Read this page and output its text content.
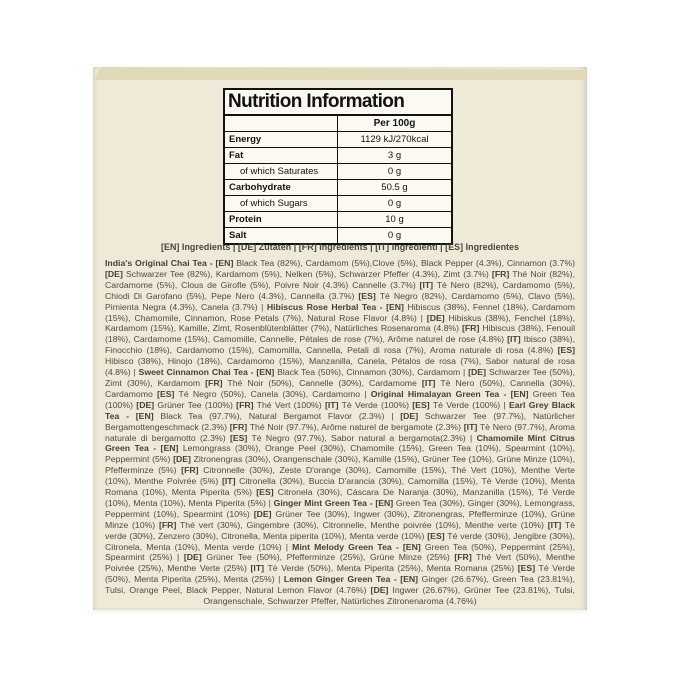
Nutrition Information
Per 100g
Energy	1129 kJ/270kcal
Fat	3 g
of which Saturates	0 g
Carbohydrate	50.5 g
of which Sugars	0 g
Protein	10 g
Salt	0 g
[EN] Ingredients | [DE] Zutaten | [FR] Ingrédients | [IT] Ingredienti | [ES] Ingredientes
India's Original Chai Tea - [EN] Black Tea (82%), Cardamom (5%),Clove (5%), Black Pepper (4.3%), Cinnamon (3.7%) [DE] Schwarzer Tee (82%), Kardamom (5%), Nelken (5%), Schwarzer Pfeffer (4.3%), Zimt (3.7%) [FR] Thé Noir (82%), Cardamome (5%), Clous de Girofle (5%), Poivre Noir (4.3%) Cannelle (3.7%) [IT] Tè Nero (82%), Cardamomo (5%), Chiodi Di Garofano (5%), Pepe Nero (4.3%), Cannella (3.7%) [ES] Té Negro (82%), Cardamomo (5%), Clavo (5%), Pimienta Negra (4.3%), Canela (3.7%) | Hibiscus Rose Herbal Tea - [EN] Hibiscus (38%), Fennel (18%), Cardamom (15%), Chamomile, Cinnamon, Rose Petals (7%), Natural Rose Flavor (4.8%) | [DE] Hibiskus (38%), Fenchel (18%), Kardamom (15%), Kamille, Zimt, Rosenblütenblätter (7%), Natürliches Rosenaroma (4.8%) [FR] Hibiscus (38%), Fenouil (18%), Cardamome (15%), Camomille, Cannelle, Pétales de rose (7%), Arôme naturel de rose (4.8%) [IT] Ibisco (38%), Finocchio (18%), Cardamomo (15%), Camomilla, Cannella, Petali di rosa (7%), Aroma naturale di rosa (4.8%) [ES] Hibisco (38%), Hinojo (18%), Cardamomo (15%), Manzanilla, Canela, Pétalos de rosa (7%), Sabor natural de rosa (4.8%) | Sweet Cinnamon Chai Tea - [EN] Black Tea (50%), Cinnamon (30%), Cardamom | [DE] Schwarzer Tee (50%), Zimt (30%), Kardamom [FR] Thé Noir (50%), Cannelle (30%), Cardamome [IT] Tè Nero (50%), Cannella (30%), Cardamomo [ES] Té Negro (50%), Canela (30%), Cardamomo | Original Himalayan Green Tea - [EN] Green Tea (100%) [DE] Grüner Tee (100%) [FR] Thé Vert (100%) [IT] Tè Verde (100%) [ES] Té Verde (100%) | Earl Grey Black Tea - [EN] Black Tea (97.7%), Natural Bergamot Flavor (2.3%) | [DE] Schwarzer Tee (97.7%), Natürlicher Bergamottengeschmack (2.3%) [FR] Thé Noir (97.7%), Arôme naturel de bergamote (2.3%) [IT] Tè Nero (97.7%), Aroma naturale di bergamotto (2.3%) [ES] Té Negro (97.7%), Sabor natural a bergamota(2.3%) | Chamomile Mint Citrus Green Tea - [EN] Lemongrass (30%), Orange Peel (30%), Chamomile (15%), Green Tea (10%), Spearmint (10%), Peppermint (5%) [DE] Zitronengras (30%), Orangenschale (30%), Kamille (15%), Grüner Tee (10%), Grüne Minze (10%), Pfefferminze (5%) [FR] Citronnelle (30%), Zeste D'orange (30%), Camomille (15%), Thé Vert (10%), Menthe Verte (10%), Menthe Poivrée (5%) [IT] Citronella (30%), Buccia D'arancia (30%), Camomilla (15%), Tè Verde (10%), Menta Romana (10%), Menta Piperita (5%) [ES] Citronela (30%), Cáscara De Naranja (30%), Manzanilla (15%), Té Verde (10%), Menta (10%), Menta Piperita (5%) | Ginger Mint Green Tea - [EN] Green Tea (30%), Ginger (30%), Lemongrass, Peppermint (10%), Spearmint (10%) [DE] Grüner Tee (30%), Ingwer (30%), Zitronengras, Pfefferminze (10%), Grüne Minze (10%) [FR] Thé vert (30%), Gingembre (30%), Citronnelle, Menthe poivrée (10%), Menthe verte (10%) [IT] Tè verde (30%), Zenzero (30%), Citronella, Menta piperita (10%), Menta verde (10%) [ES] Té verde (30%), Jengibre (30%), Citronela, Menta (10%), Menta verde (10%) | Mint Melody Green Tea - [EN] Green Tea (50%), Peppermint (25%), Spearmint (25%) | [DE] Grüner Tee (50%), Pfefferminze (25%), Grüne Minze (25%) [FR] Thé Vert (50%), Menthe Poivrée (25%), Menthe Verte (25%) [IT] Tè Verde (50%), Menta Piperita (25%), Menta Romana (25%) [ES] Té Verde (50%), Menta Piperita (25%), Menta (25%) | Lemon Ginger Green Tea - [EN] Ginger (26.67%), Green Tea (23.81%), Tulsi, Orange Peel, Black Pepper, Natural Lemon Flavor (4.76%) [DE] Ingwer (26.67%), Grüner Tee (23.81%), Tulsi, Orangenschale, Schwarzer Pfeffer, Natürliches Zitronenaroma (4.76%)
